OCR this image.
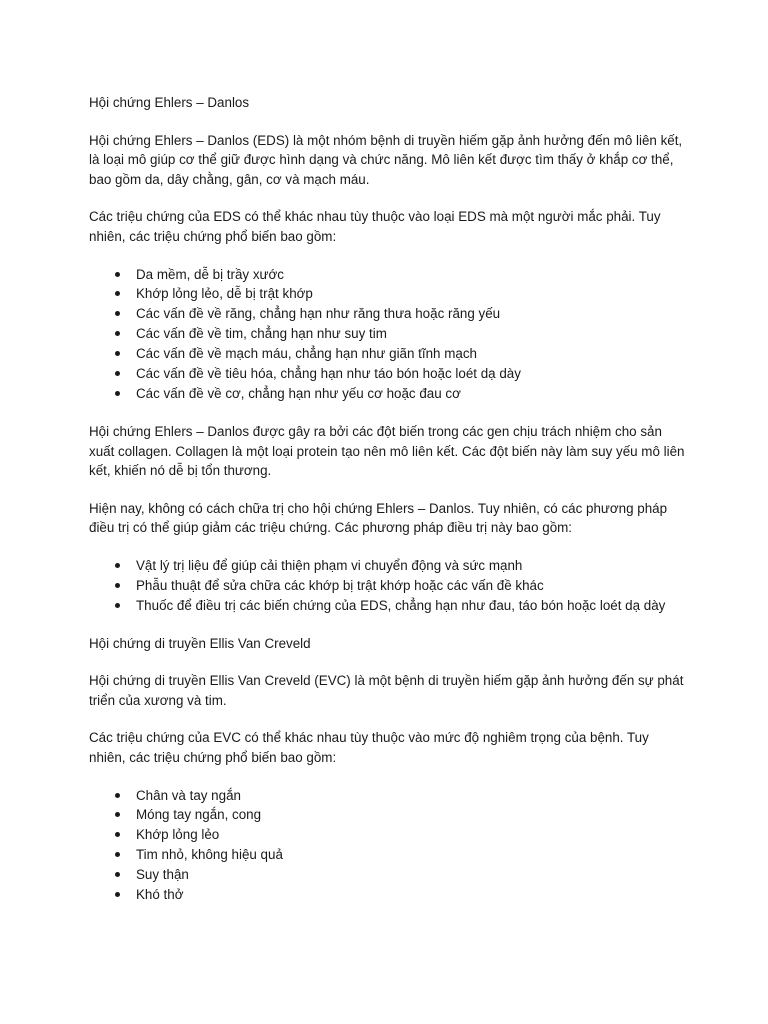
Hội chứng Ehlers – Danlos

Hội chứng Ehlers – Danlos (EDS) là một nhóm bệnh di truyền hiếm gặp ảnh hưởng đến mô liên kết, là loại mô giúp cơ thể giữ được hình dạng và chức năng. Mô liên kết được tìm thấy ở khắp cơ thể, bao gồm da, dây chằng, gân, cơ và mạch máu.

Các triệu chứng của EDS có thể khác nhau tùy thuộc vào loại EDS mà một người mắc phải. Tuy nhiên, các triệu chứng phổ biến bao gồm:

Da mềm, dễ bị trầy xước
Khớp lỏng lẻo, dễ bị trật khớp
Các vấn đề về răng, chẳng hạn như răng thưa hoặc răng yếu
Các vấn đề về tim, chẳng hạn như suy tim
Các vấn đề về mạch máu, chẳng hạn như giãn tĩnh mạch
Các vấn đề về tiêu hóa, chẳng hạn như táo bón hoặc loét dạ dày
Các vấn đề về cơ, chẳng hạn như yếu cơ hoặc đau cơ

Hội chứng Ehlers – Danlos được gây ra bởi các đột biến trong các gen chịu trách nhiệm cho sản xuất collagen. Collagen là một loại protein tạo nên mô liên kết. Các đột biến này làm suy yếu mô liên kết, khiến nó dễ bị tổn thương.

Hiện nay, không có cách chữa trị cho hội chứng Ehlers – Danlos. Tuy nhiên, có các phương pháp điều trị có thể giúp giảm các triệu chứng. Các phương pháp điều trị này bao gồm:

Vật lý trị liệu để giúp cải thiện phạm vi chuyển động và sức mạnh
Phẫu thuật để sửa chữa các khớp bị trật khớp hoặc các vấn đề khác
Thuốc để điều trị các biến chứng của EDS, chẳng hạn như đau, táo bón hoặc loét dạ dày

Hội chứng di truyền Ellis Van Creveld

Hội chứng di truyền Ellis Van Creveld (EVC) là một bệnh di truyền hiếm gặp ảnh hưởng đến sự phát triển của xương và tim.

Các triệu chứng của EVC có thể khác nhau tùy thuộc vào mức độ nghiêm trọng của bệnh. Tuy nhiên, các triệu chứng phổ biến bao gồm:

Chân và tay ngắn
Móng tay ngắn, cong
Khớp lỏng lẻo
Tim nhỏ, không hiệu quả
Suy thận
Khó thở
